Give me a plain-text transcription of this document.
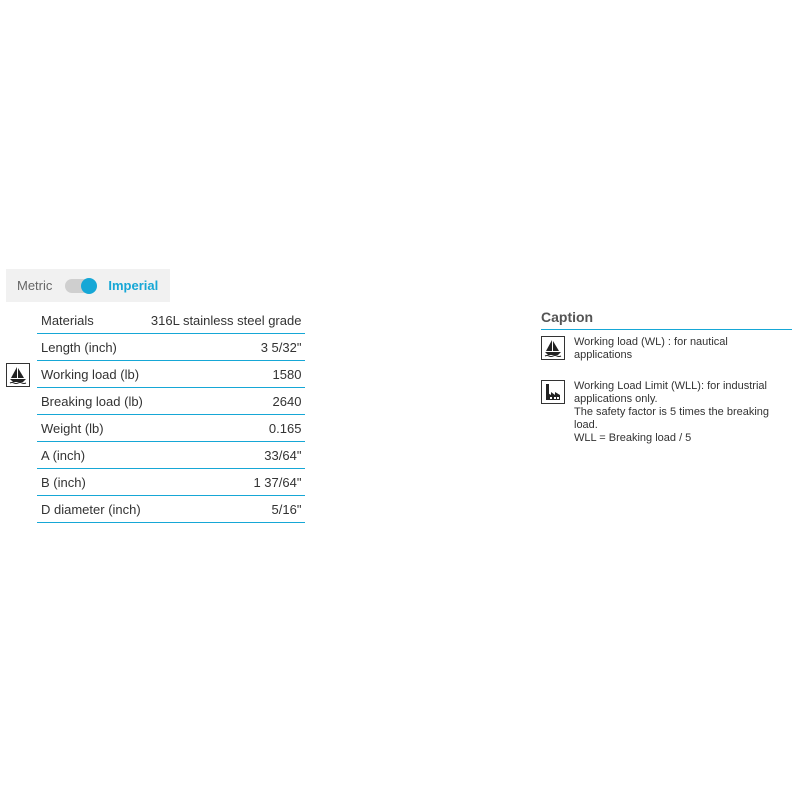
Metric	Imperial
Materials	316L stainless steel grade
Length (inch)	3 5/32"
Working load (lb)	1580
Breaking load (lb)	2640
Weight (lb)	0.165
A (inch)	33/64"
B (inch)	1 37/64"
D diameter (inch)	5/16"
Caption
Working load (WL) : for nautical
applications
Working Load Limit (WLL): for industrial
applications only.
The safety factor is 5 times the breaking
load.
WLL = Breaking load / 5
